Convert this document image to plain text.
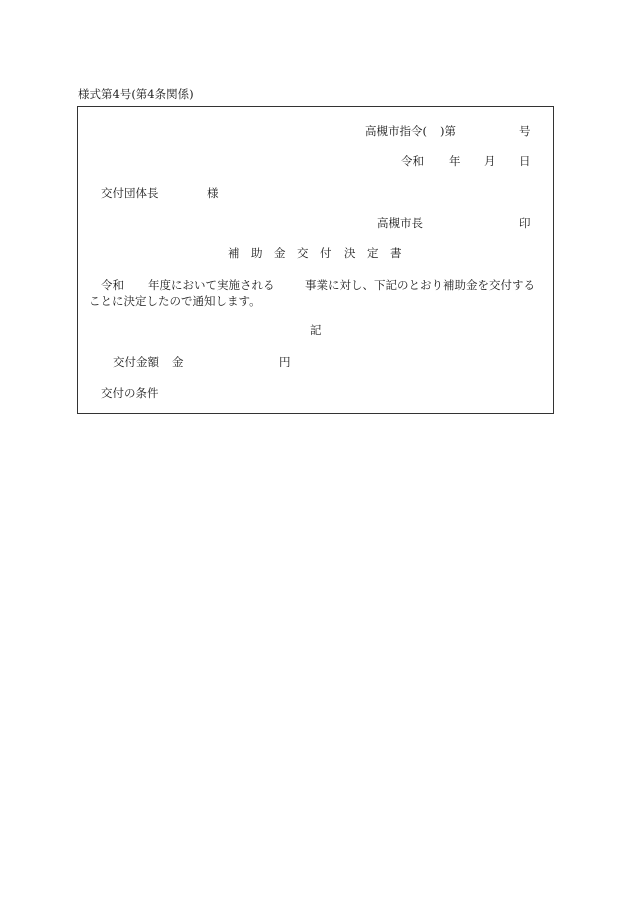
様式第4号(第4条関係)
高槻市指令( )第	号
令和 年 月 日
交付団体長	様
高槻市長	印
補 助 金 交 付 決 定 書
令和 年度において実施される	事業に対し、下記のとおり補助金を交付する
ことに決定したので通知します。
記
交付金額 金	円
交付の条件
